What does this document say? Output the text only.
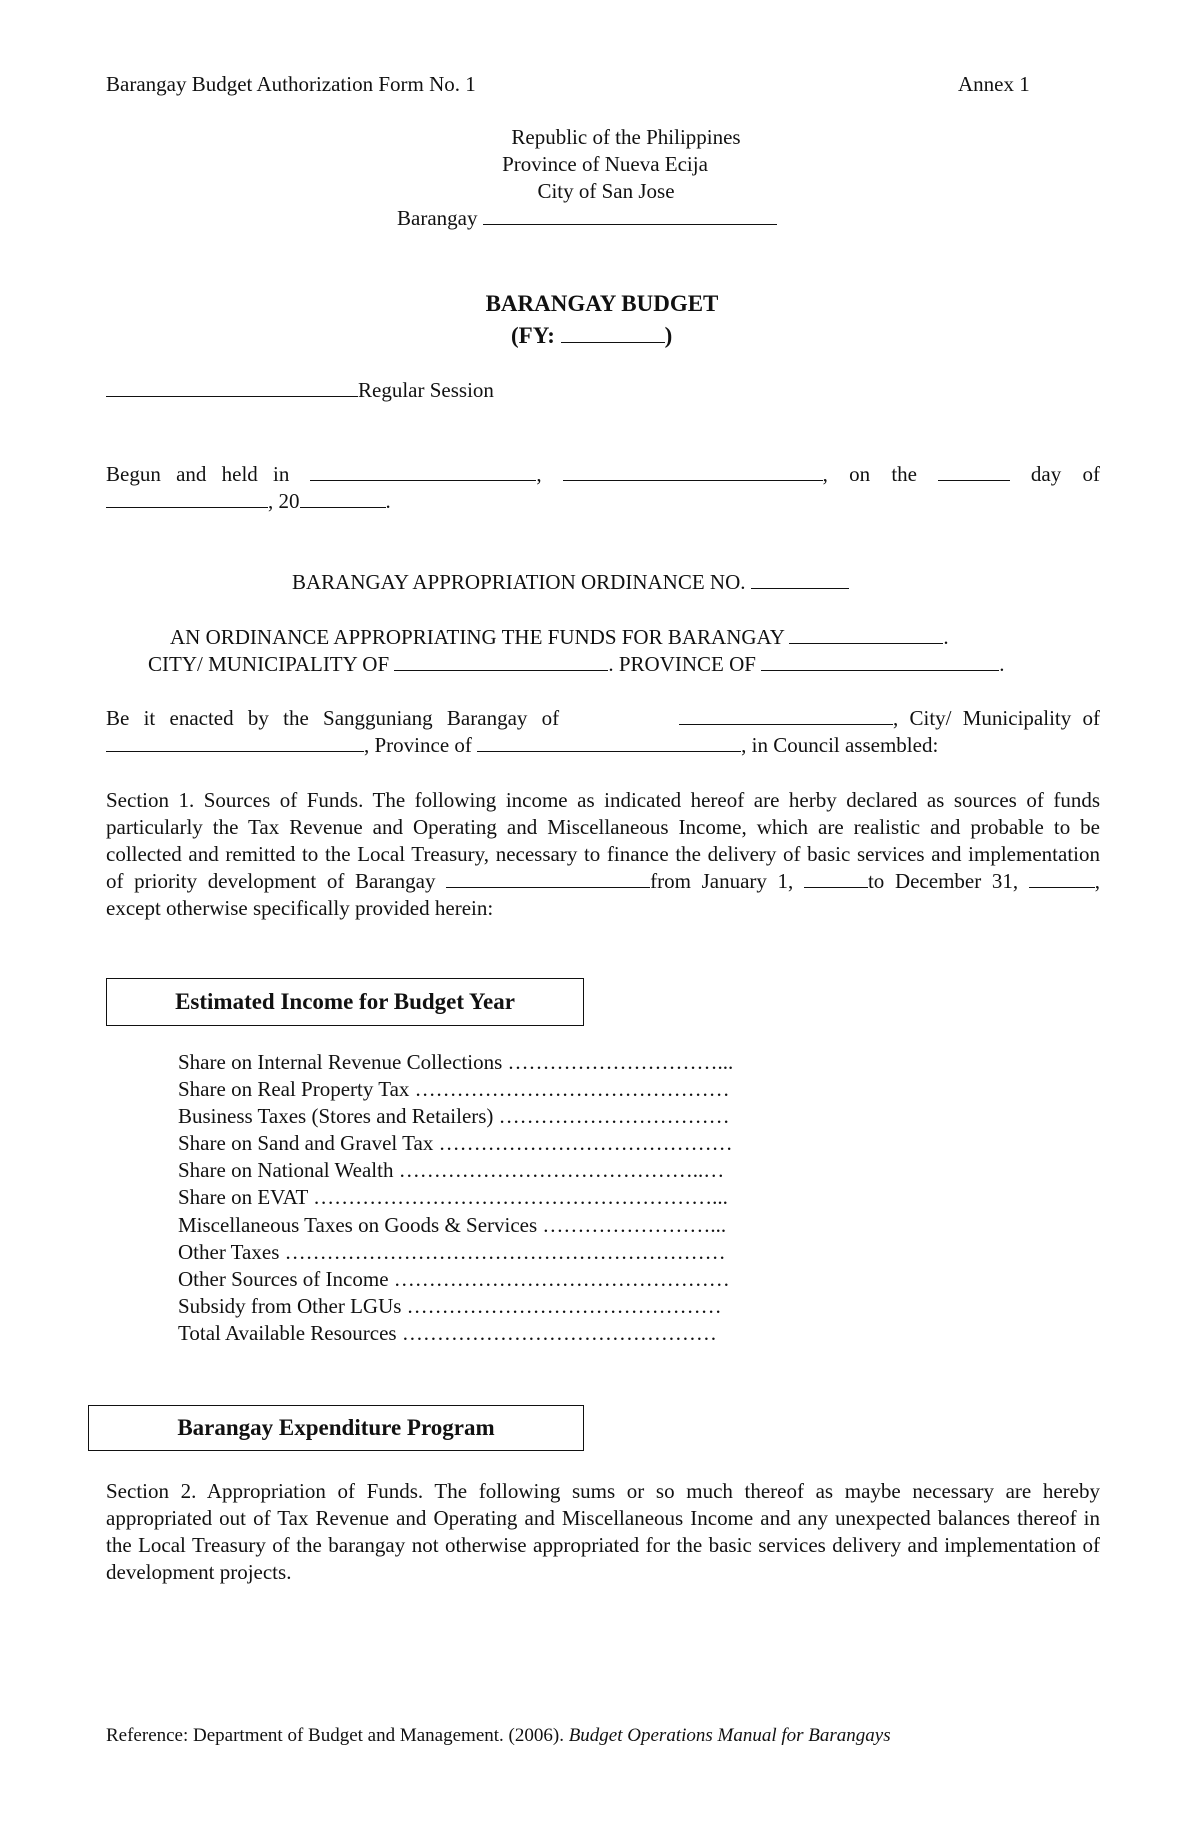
Barangay Budget Authorization Form No. 1	Annex 1
Republic of the Philippines
Province of Nueva Ecija
City of San Jose
Barangay
BARANGAY BUDGET
(FY:	)
Regular Session
Begun and held in	,	, on the	day of
, 20	.
BARANGAY APPROPRIATION ORDINANCE NO.
AN ORDINANCE APPROPRIATING THE FUNDS FOR BARANGAY	.
CITY/ MUNICIPALITY OF	. PROVINCE OF	.
Be it enacted by the Sangguniang Barangay of	, City/ Municipality of
, Province of	, in Council assembled:
Section 1. Sources of Funds. The following income as indicated hereof are herby declared as sources of funds particularly the Tax Revenue and Operating and Miscellaneous Income, which are realistic and probable to be collected and remitted to the Local Treasury, necessary to finance the delivery of basic services and implementation of priority development of Barangay	from January 1,	to December 31,	, except otherwise specifically provided herein:
Estimated Income for Budget Year
Share on Internal Revenue Collections …………………………...
Share on Real Property Tax ………………………………………
Business Taxes (Stores and Retailers) ……………………………
Share on Sand and Gravel Tax ……………………………………
Share on National Wealth ……………………………………..…
Share on EVAT …………………………………………………...
Miscellaneous Taxes on Goods & Services ……………………...
Other Taxes ………………………………………………………
Other Sources of Income …………………………………………
Subsidy from Other LGUs ………………………………………
Total Available Resources ………………………………………
Barangay Expenditure Program
Section 2. Appropriation of Funds. The following sums or so much thereof as maybe necessary are hereby appropriated out of Tax Revenue and Operating and Miscellaneous Income and any unexpected balances thereof in the Local Treasury of the barangay not otherwise appropriated for the basic services delivery and implementation of development projects.
Reference: Department of Budget and Management. (2006). Budget Operations Manual for Barangays
